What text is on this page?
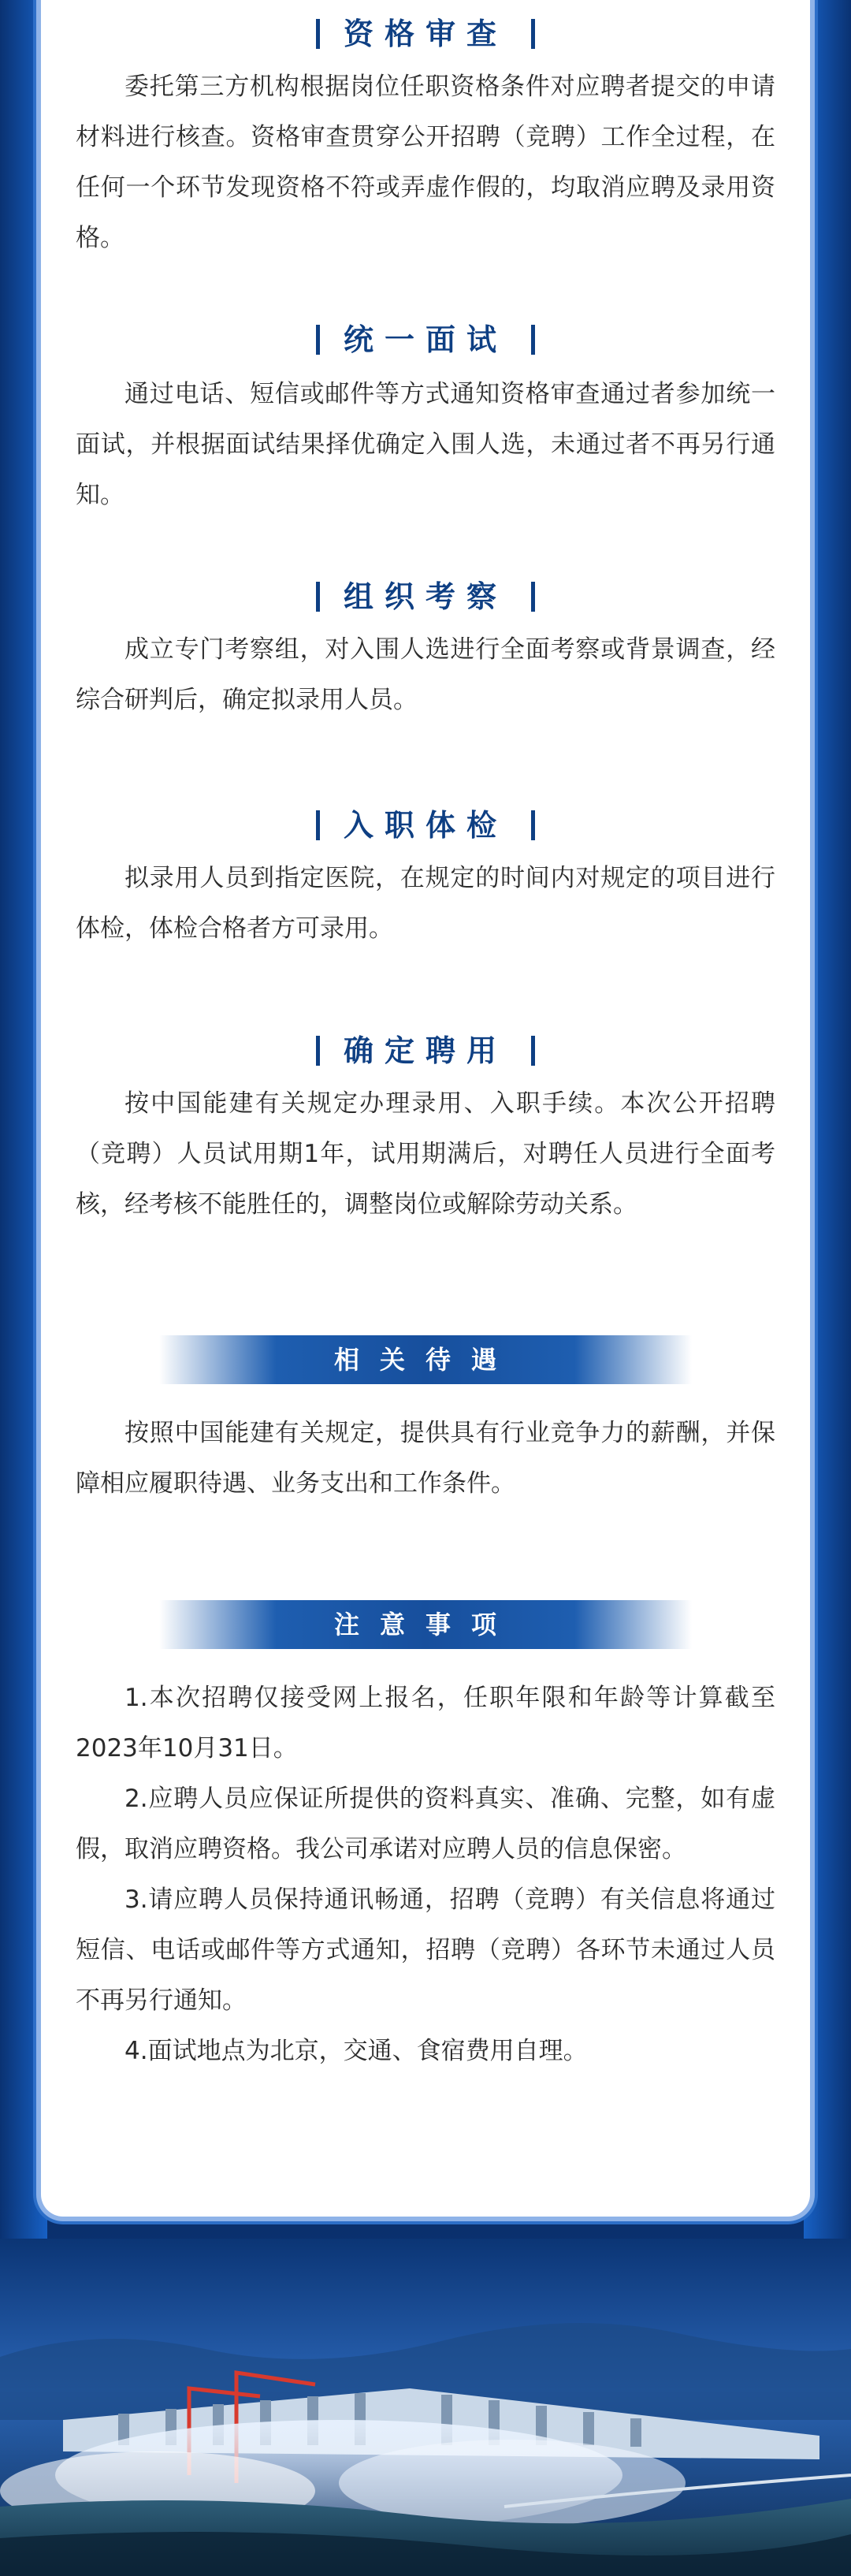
资格审查

委托第三方机构根据岗位任职资格条件对应聘者提交的申请材料进行核查。资格审查贯穿公开招聘（竞聘）工作全过程，在任何一个环节发现资格不符或弄虚作假的，均取消应聘及录用资格。

统一面试

通过电话、短信或邮件等方式通知资格审查通过者参加统一面试，并根据面试结果择优确定入围人选，未通过者不再另行通知。

组织考察

成立专门考察组，对入围人选进行全面考察或背景调查，经综合研判后，确定拟录用人员。

入职体检

拟录用人员到指定医院，在规定的时间内对规定的项目进行体检，体检合格者方可录用。

确定聘用

按中国能建有关规定办理录用、入职手续。本次公开招聘（竞聘）人员试用期1年，试用期满后，对聘任人员进行全面考核，经考核不能胜任的，调整岗位或解除劳动关系。

相关待遇

按照中国能建有关规定，提供具有行业竞争力的薪酬，并保障相应履职待遇、业务支出和工作条件。

注意事项

1.本次招聘仅接受网上报名，任职年限和年龄等计算截至2023年10月31日。

2.应聘人员应保证所提供的资料真实、准确、完整，如有虚假，取消应聘资格。我公司承诺对应聘人员的信息保密。

3.请应聘人员保持通讯畅通，招聘（竞聘）有关信息将通过短信、电话或邮件等方式通知，招聘（竞聘）各环节未通过人员不再另行通知。

4.面试地点为北京，交通、食宿费用自理。
